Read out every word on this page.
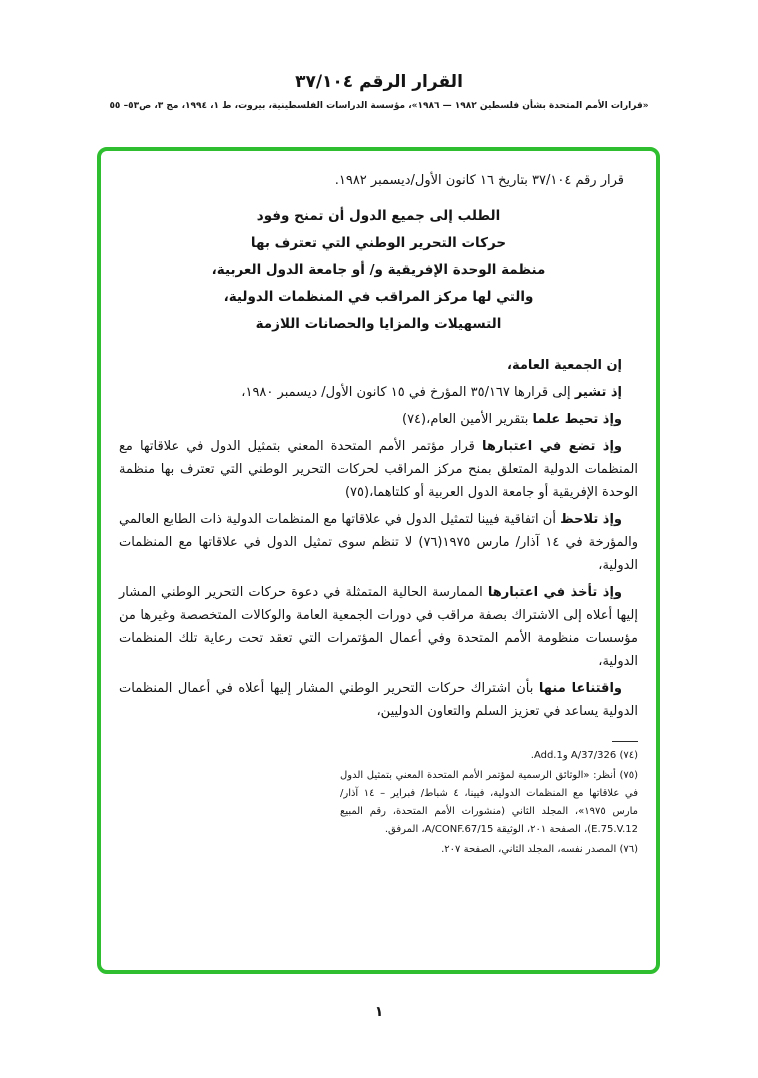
القرار الرقم ٣٧/١٠٤
«قرارات الأمم المتحدة بشأن فلسطين ١٩٨٢ — ١٩٨٦»، مؤسسة الدراسات الفلسطينية، بيروت، ط ١، ١٩٩٤، مج ٣، ص٥٣– ٥٥
قرار رقم ٣٧/١٠٤ بتاريخ ١٦ كانون الأول/ديسمبر ١٩٨٢.
الطلب إلى جميع الدول أن تمنح وفود
حركات التحرير الوطني التي تعترف بها
منظمة الوحدة الإفريقية و/ أو جامعة الدول العربية،
والتي لها مركز المراقب في المنظمات الدولية،
التسهيلات والمزايا والحصانات اللازمة

إن الجمعية العامة،

إذ تشير إلى قرارها ٣٥/١٦٧ المؤرخ في ١٥ كانون الأول/ ديسمبر ١٩٨٠،

وإذ تحيط علما بتقرير الأمين العام،(٧٤)

وإذ تضع في اعتبارها قرار مؤتمر الأمم المتحدة المعني بتمثيل الدول في علاقاتها مع المنظمات الدولية المتعلق بمنح مركز المراقب لحركات التحرير الوطني التي تعترف بها منظمة الوحدة الإفريقية أو جامعة الدول العربية أو كلتاهما،(٧٥)

وإذ تلاحظ أن اتفاقية فيينا لتمثيل الدول في علاقاتها مع المنظمات الدولية ذات الطابع العالمي والمؤرخة في ١٤ آذار/ مارس ١٩٧٥(٧٦) لا تنظم سوى تمثيل الدول في علاقاتها مع المنظمات الدولية،

وإذ تأخذ في اعتبارها الممارسة الحالية المتمثلة في دعوة حركات التحرير الوطني المشار إليها أعلاه إلى الاشتراك بصفة مراقب في دورات الجمعية العامة والوكالات المتخصصة وغيرها من مؤسسات منظومة الأمم المتحدة وفي أعمال المؤتمرات التي تعقد تحت رعاية تلك المنظمات الدولية،

واقتناعا منها بأن اشتراك حركات التحرير الوطني المشار إليها أعلاه في أعمال المنظمات الدولية يساعد في تعزيز السلم والتعاون الدوليين،

(٧٤) A/37/326 وAdd.1.
(٧٥) أنظر: «الوثائق الرسمية لمؤتمر الأمم المتحدة المعني بتمثيل الدول في علاقاتها مع المنظمات الدولية، فيينا، ٤ شباط/ فبراير – ١٤ آذار/ مارس ١٩٧٥»، المجلد الثاني (منشورات الأمم المتحدة، رقم المبيع E.75.V.12)، الصفحة ٢٠١، الوثيقة A/CONF.67/15، المرفق.
(٧٦) المصدر نفسه، المجلد الثاني، الصفحة ٢٠٧.
١
